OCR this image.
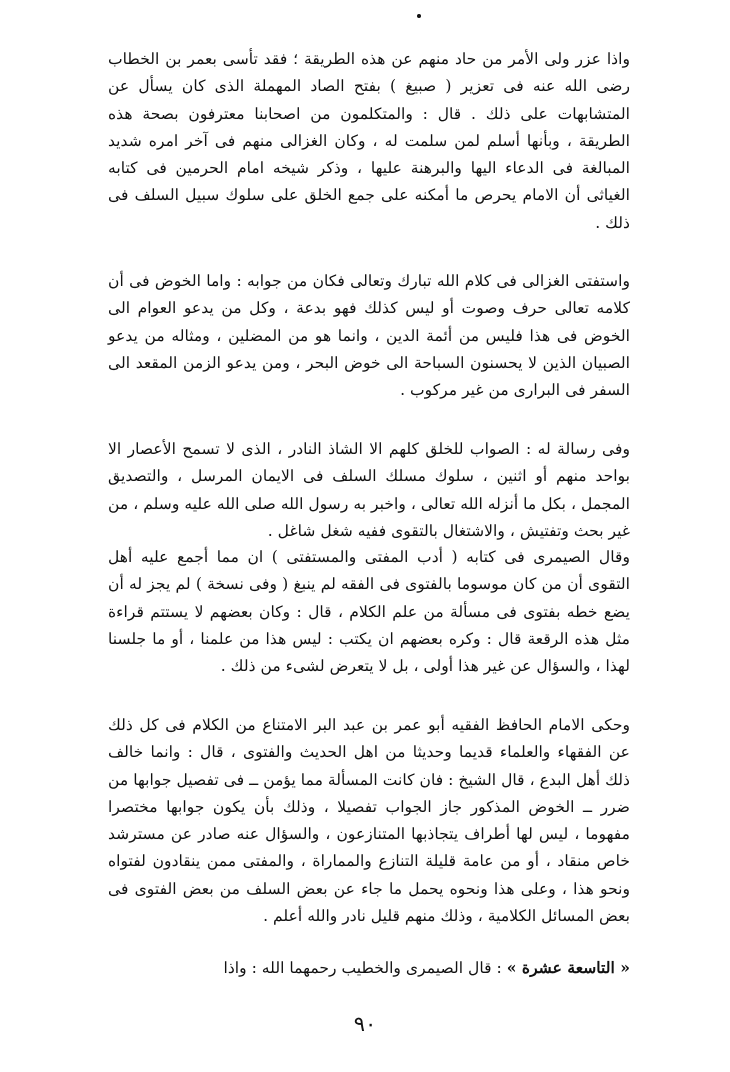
واذا عزر ولى الأمر من حاد منهم عن هذه الطريقة ؛ فقد تأسى بعمر بن الخطاب رضى الله عنه فى تعزير ( صبيغ ) بفتح الصاد المهملة الذى كان يسأل عن المتشابهات على ذلك . قال : والمتكلمون من اصحابنا معترفون بصحة هذه الطريقة ، وبأنها أسلم لمن سلمت له ، وكان الغزالى منهم فى آخر امره شديد المبالغة فى الدعاء اليها والبرهنة عليها ، وذكر شيخه امام الحرمين فى كتابه الغياثى أن الامام يحرص ما أمكنه على جمع الخلق على سلوك سبيل السلف فى ذلك .

واستفتى الغزالى فى كلام الله تبارك وتعالى فكان من جوابه : واما الخوض فى أن كلامه تعالى حرف وصوت أو ليس كذلك فهو بدعة ، وكل من يدعو العوام الى الخوض فى هذا فليس من أئمة الدين ، وانما هو من المضلين ، ومثاله من يدعو الصبيان الذين لا يحسنون السباحة الى خوض البحر ، ومن يدعو الزمن المقعد الى السفر فى البرارى من غير مركوب .

وفى رسالة له : الصواب للخلق كلهم الا الشاذ النادر ، الذى لا تسمح الأعصار الا بواحد منهم أو اثنين ، سلوك مسلك السلف فى الايمان المرسل ، والتصديق المجمل ، بكل ما أنزله الله تعالى ، واخبر به رسول الله صلى الله عليه وسلم ، من غير بحث وتفتيش ، والاشتغال بالتقوى ففيه شغل شاغل .

وقال الصيمرى فى كتابه ( أدب المفتى والمستفتى ) ان مما أجمع عليه أهل التقوى أن من كان موسوما بالفتوى فى الفقه لم ينبغ ( وفى نسخة ) لم يجز له أن يضع خطه بفتوى فى مسألة من علم الكلام ، قال : وكان بعضهم لا يستتم قراءة مثل هذه الرقعة قال : وكره بعضهم ان يكتب : ليس هذا من علمنا ، أو ما جلسنا لهذا ، والسؤال عن غير هذا أولى ، بل لا يتعرض لشىء من ذلك .

وحكى الامام الحافظ الفقيه أبو عمر بن عبد البر الامتناع من الكلام فى كل ذلك عن الفقهاء والعلماء قديما وحديثا من اهل الحديث والفتوى ، قال : وانما خالف ذلك أهل البدع ، قال الشيخ : فان كانت المسألة مما يؤمن ــ فى تفصيل جوابها من ضرر ــ الخوض المذكور جاز الجواب تفصيلا ، وذلك بأن يكون جوابها مختصرا مفهوما ، ليس لها أطراف يتجاذبها المتنازعون ، والسؤال عنه صادر عن مسترشد خاص منقاد ، أو من عامة قليلة التنازع والمماراة ، والمفتى ممن ينقادون لفتواه ونحو هذا ، وعلى هذا ونحوه يحمل ما جاء عن بعض السلف من بعض الفتوى فى بعض المسائل الكلامية ، وذلك منهم قليل نادر والله أعلم .

« التاسعة عشرة » : قال الصيمرى والخطيب رحمهما الله : واذا

٩٠
